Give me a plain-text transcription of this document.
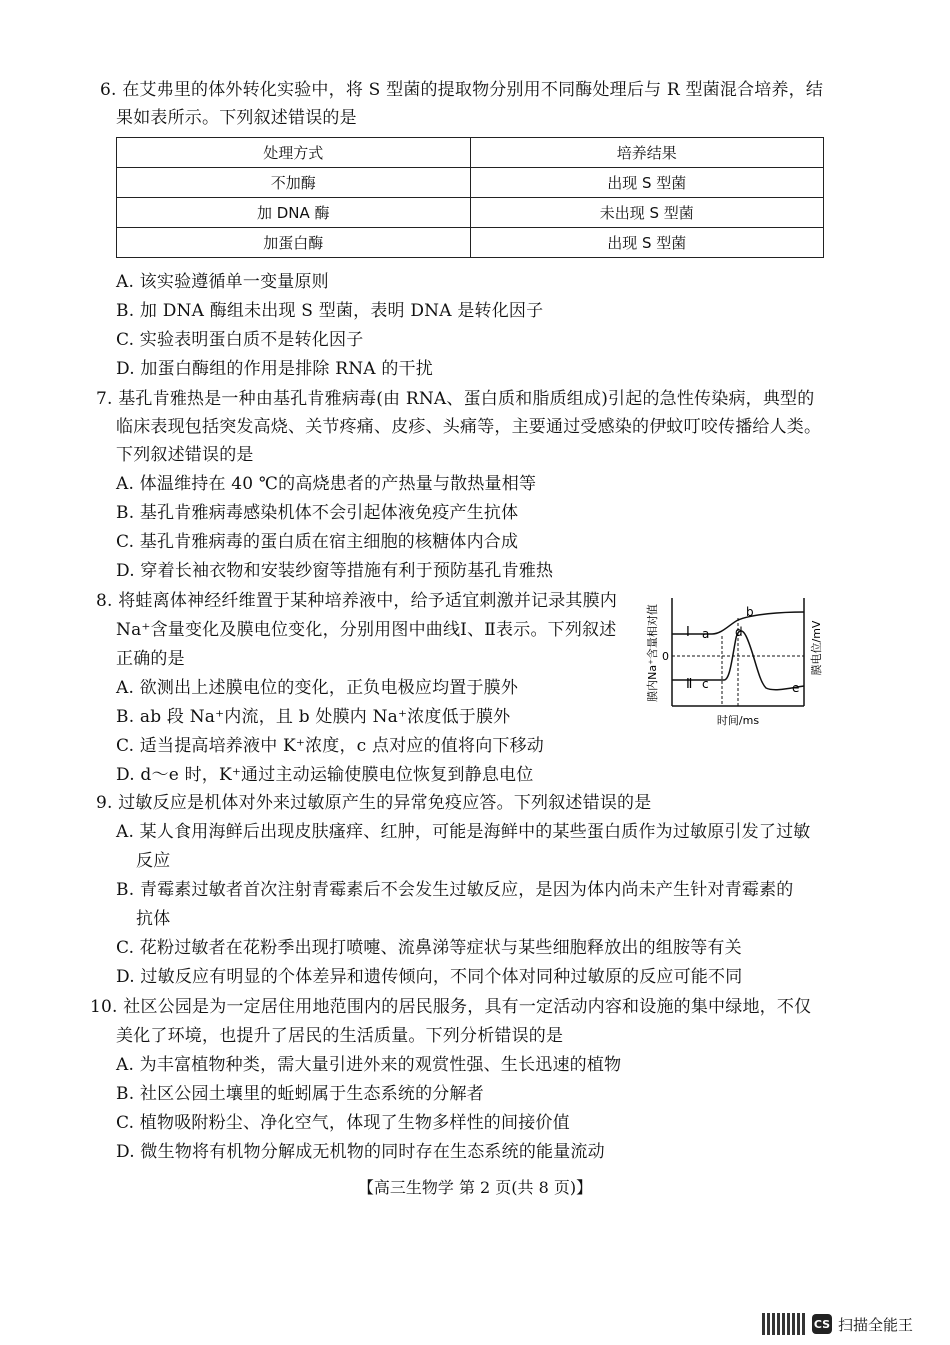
6. 在艾弗里的体外转化实验中，将 S 型菌的提取物分别用不同酶处理后与 R 型菌混合培养，结
果如表所示。下列叙述错误的是
处理方式	培养结果
不加酶	出现 S 型菌
加 DNA 酶	未出现 S 型菌
加蛋白酶	出现 S 型菌
A. 该实验遵循单一变量原则
B. 加 DNA 酶组未出现 S 型菌，表明 DNA 是转化因子
C. 实验表明蛋白质不是转化因子
D. 加蛋白酶组的作用是排除 RNA 的干扰
7. 基孔肯雅热是一种由基孔肯雅病毒(由 RNA、蛋白质和脂质组成)引起的急性传染病，典型的
临床表现包括突发高烧、关节疼痛、皮疹、头痛等，主要通过受感染的伊蚊叮咬传播给人类。
下列叙述错误的是
A. 体温维持在 40 ℃的高烧患者的产热量与散热量相等
B. 基孔肯雅病毒感染机体不会引起体液免疫产生抗体
C. 基孔肯雅病毒的蛋白质在宿主细胞的核糖体内合成
D. 穿着长袖衣物和安装纱窗等措施有利于预防基孔肯雅热
8. 将蛙离体神经纤维置于某种培养液中，给予适宜刺激并记录其膜内
Na⁺含量变化及膜电位变化，分别用图中曲线Ⅰ、Ⅱ表示。下列叙述
正确的是
A. 欲测出上述膜电位的变化，正负电极应均置于膜外
B. ab 段 Na⁺内流，且 b 处膜内 Na⁺浓度低于膜外
C. 适当提高培养液中 K⁺浓度，c 点对应的值将向下移动
D. d～e 时，K⁺通过主动运输使膜电位恢复到静息电位
膜内Na⁺含量相对值	膜电位/mV
0
Ⅰ a
Ⅱ c
b
d
e
时间/ms
9. 过敏反应是机体对外来过敏原产生的异常免疫应答。下列叙述错误的是
A. 某人食用海鲜后出现皮肤瘙痒、红肿，可能是海鲜中的某些蛋白质作为过敏原引发了过敏
反应
B. 青霉素过敏者首次注射青霉素后不会发生过敏反应，是因为体内尚未产生针对青霉素的
抗体
C. 花粉过敏者在花粉季出现打喷嚏、流鼻涕等症状与某些细胞释放出的组胺等有关
D. 过敏反应有明显的个体差异和遗传倾向，不同个体对同种过敏原的反应可能不同
10. 社区公园是为一定居住用地范围内的居民服务，具有一定活动内容和设施的集中绿地，不仅
美化了环境，也提升了居民的生活质量。下列分析错误的是
A. 为丰富植物种类，需大量引进外来的观赏性强、生长迅速的植物
B. 社区公园土壤里的蚯蚓属于生态系统的分解者
C. 植物吸附粉尘、净化空气，体现了生物多样性的间接价值
D. 微生物将有机物分解成无机物的同时存在生态系统的能量流动
【高三生物学 第 2 页(共 8 页)】
CS 扫描全能王
